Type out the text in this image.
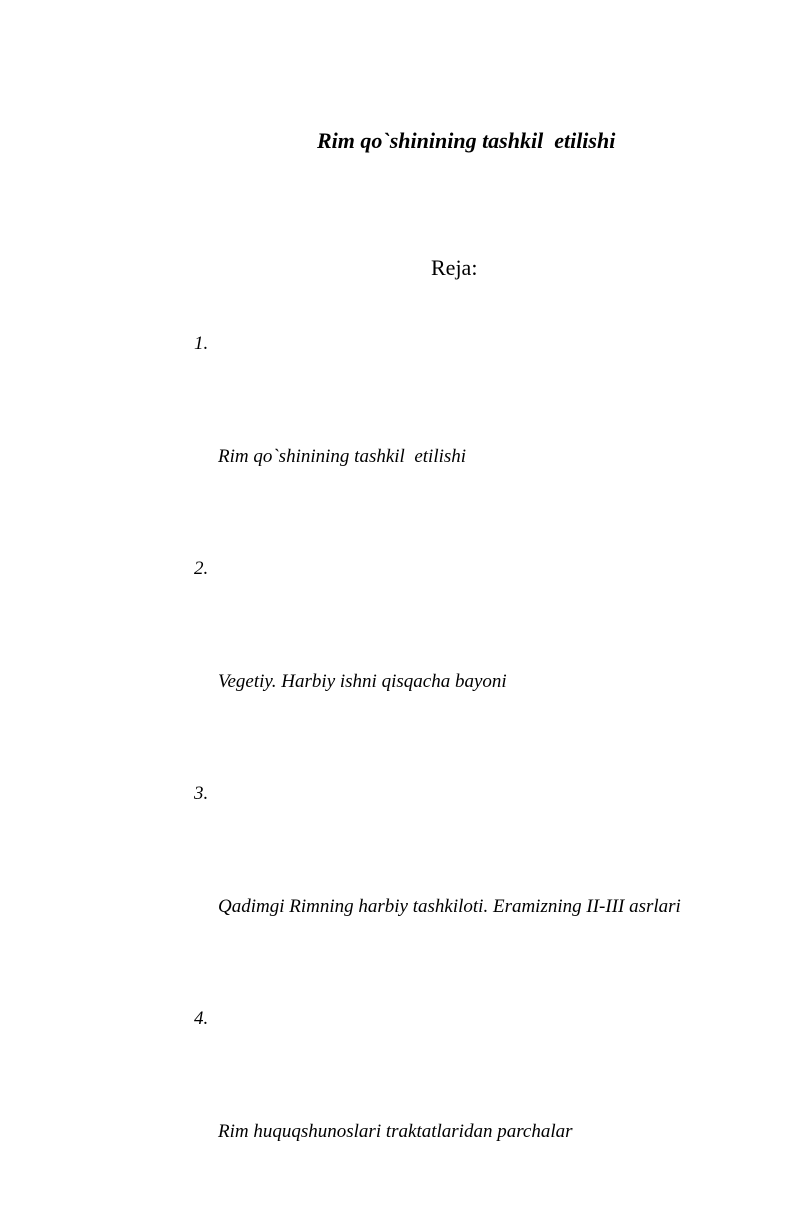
Rim qo`shinining tashkil  etilishi
Reja:

1.

Rim qo`shinining tashkil  etilishi

2.

Vegetiy. Harbiy ishni qisqacha bayoni

3.

Qadimgi Rimning harbiy tashkiloti. Eramizning II-III asrlari

4.

Rim huquqshunoslari traktatlaridan parchalar
